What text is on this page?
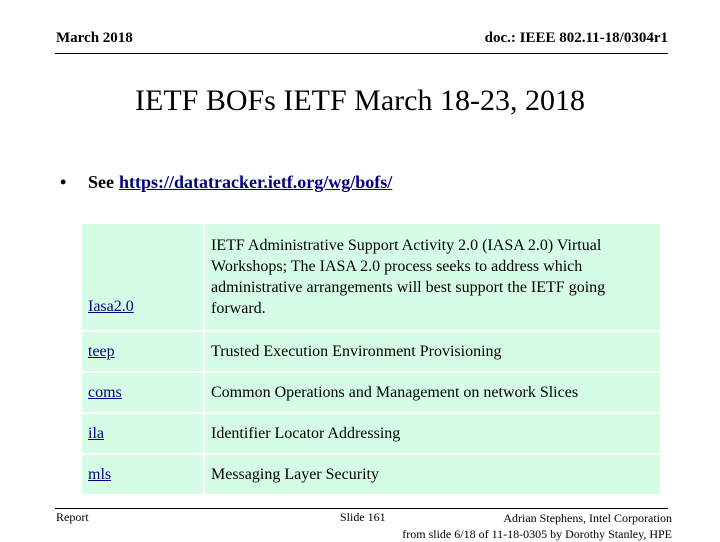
March 2018	doc.: IEEE 802.11-18/0304r1
IETF BOFs IETF March 18-23, 2018
•	See https://datatracker.ietf.org/wg/bofs/
Iasa2.0	IETF Administrative Support Activity 2.0 (IASA 2.0) Virtual Workshops; The IASA 2.0 process seeks to address which administrative arrangements will best support the IETF going forward.
teep	Trusted Execution Environment Provisioning
coms	Common Operations and Management on network Slices
ila	Identifier Locator Addressing
mls	Messaging Layer Security
Report	Slide 161	Adrian Stephens, Intel Corporation
from slide 6/18 of 11-18-0305 by Dorothy Stanley, HPE
